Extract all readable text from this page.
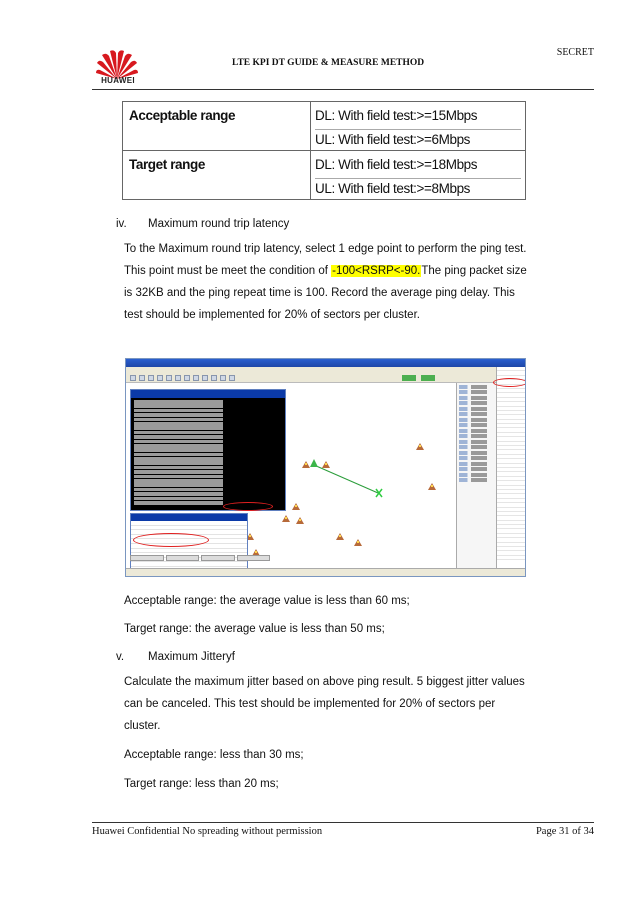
HUAWEI
LTE KPI DT GUIDE & MEASURE METHOD
SECRET
Acceptable range	DL: With field test:>=15Mbps
UL: With field test:>=6Mbps

Target range	DL: With field test:>=18Mbps
UL: With field test:>=8Mbps
iv. Maximum round trip latency
To the Maximum round trip latency, select 1 edge point to perform the ping test.
This point must be meet the condition of -100<RSRP<-90.The ping packet size
is 32KB and the ping repeat time is 100. Record the average ping delay. This
test should be implemented for 20% of sectors per cluster.
Acceptable range: the average value is less than 60 ms;
Target range: the average value is less than 50 ms;
v. Maximum Jitteryf
Calculate the maximum jitter based on above ping result. 5 biggest jitter values
can be canceled. This test should be implemented for 20% of sectors per
cluster.
Acceptable range: less than 30 ms;
Target range: less than 20 ms;
Huawei Confidential No spreading without permission	Page 31 of 34
